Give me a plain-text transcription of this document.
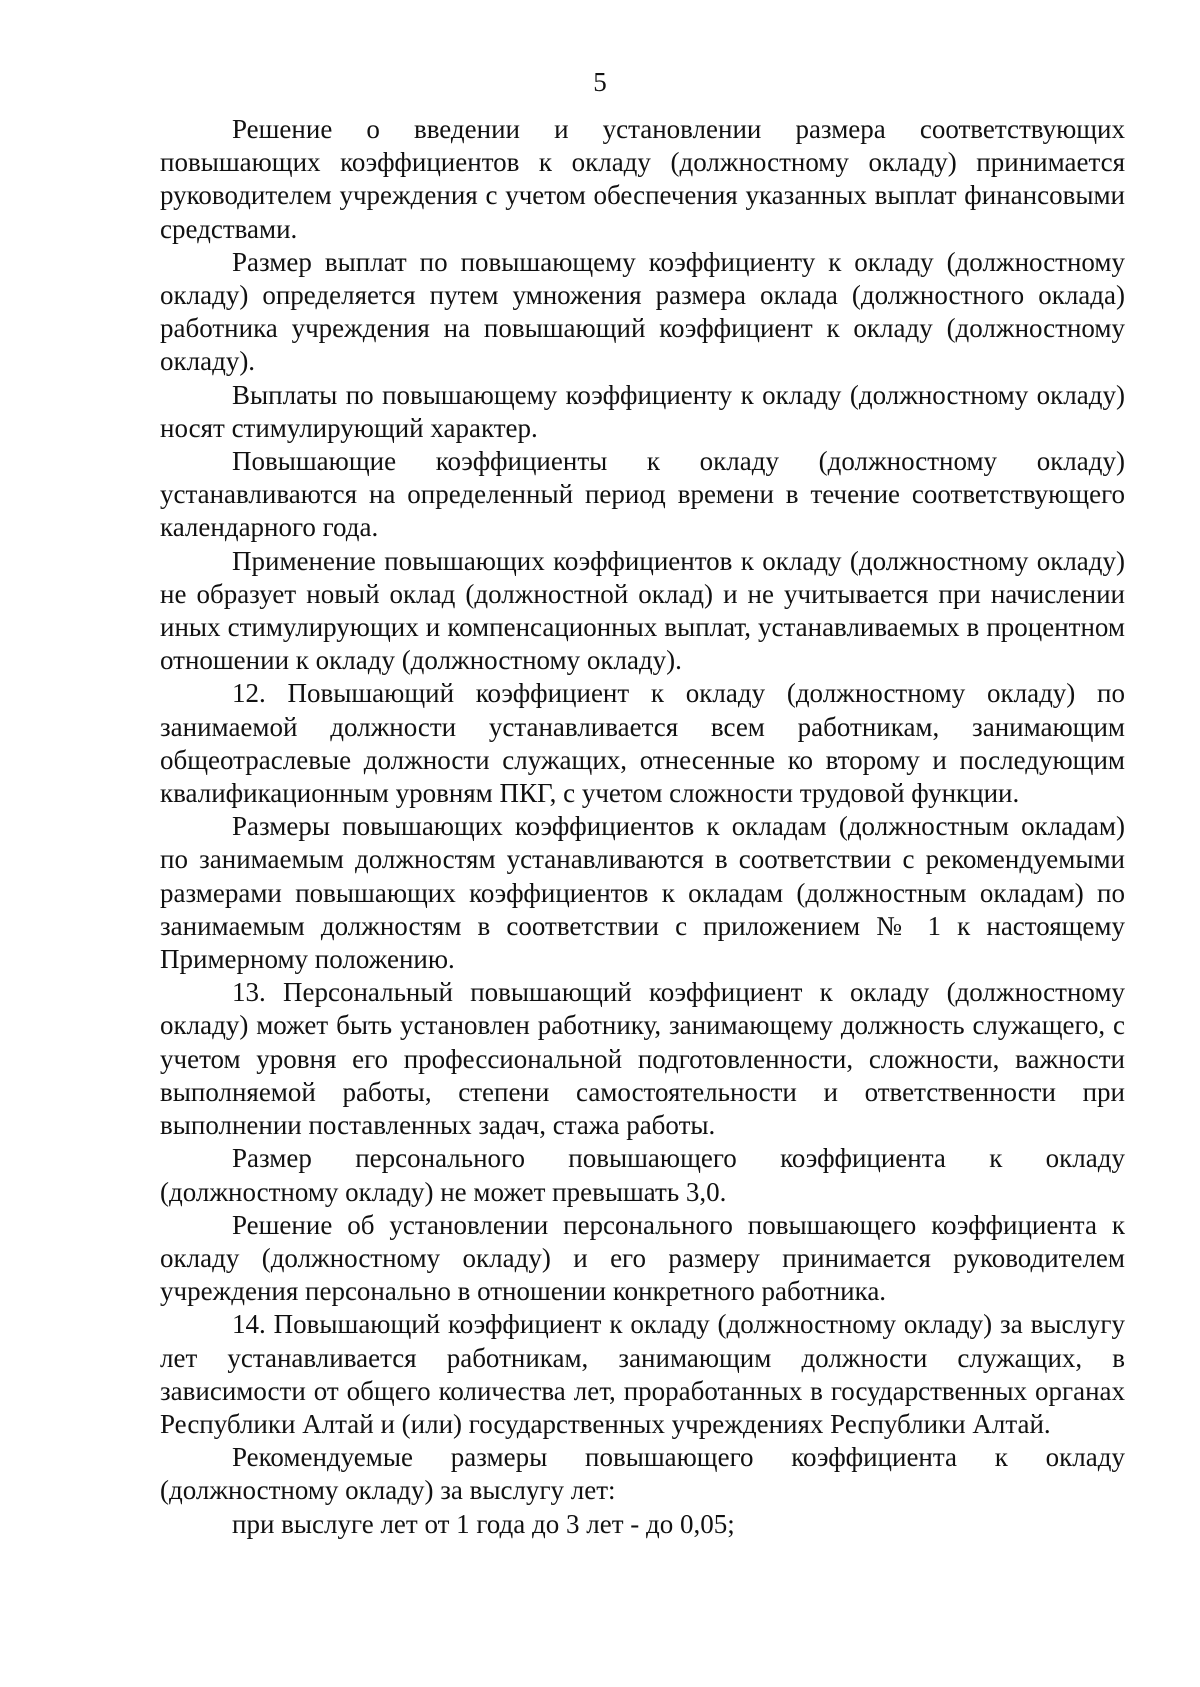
5

Решение о введении и установлении размера соответствующих повышающих коэффициентов к окладу (должностному окладу) принимается руководителем учреждения с учетом обеспечения указанных выплат финансовыми средствами.

Размер выплат по повышающему коэффициенту к окладу (должностному окладу) определяется путем умножения размера оклада (должностного оклада) работника учреждения на повышающий коэффициент к окладу (должностному окладу).

Выплаты по повышающему коэффициенту к окладу (должностному окладу) носят стимулирующий характер.

Повышающие коэффициенты к окладу (должностному окладу) устанавливаются на определенный период времени в течение соответствующего календарного года.

Применение повышающих коэффициентов к окладу (должностному окладу) не образует новый оклад (должностной оклад) и не учитывается при начислении иных стимулирующих и компенсационных выплат, устанавливаемых в процентном отношении к окладу (должностному окладу).

12. Повышающий коэффициент к окладу (должностному окладу) по занимаемой должности устанавливается всем работникам, занимающим общеотраслевые должности служащих, отнесенные ко второму и последующим квалификационным уровням ПКГ, с учетом сложности трудовой функции.

Размеры повышающих коэффициентов к окладам (должностным окладам) по занимаемым должностям устанавливаются в соответствии с рекомендуемыми размерами повышающих коэффициентов к окладам (должностным окладам) по занимаемым должностям в соответствии с приложением № 1 к настоящему Примерному положению.

13. Персональный повышающий коэффициент к окладу (должностному окладу) может быть установлен работнику, занимающему должность служащего, с учетом уровня его профессиональной подготовленности, сложности, важности выполняемой работы, степени самостоятельности и ответственности при выполнении поставленных задач, стажа работы.

Размер персонального повышающего коэффициента к окладу (должностному окладу) не может превышать 3,0.

Решение об установлении персонального повышающего коэффициента к окладу (должностному окладу) и его размеру принимается руководителем учреждения персонально в отношении конкретного работника.

14. Повышающий коэффициент к окладу (должностному окладу) за выслугу лет устанавливается работникам, занимающим должности служащих, в зависимости от общего количества лет, проработанных в государственных органах Республики Алтай и (или) государственных учреждениях Республики Алтай.

Рекомендуемые размеры повышающего коэффициента к окладу (должностному окладу) за выслугу лет:

при выслуге лет от 1 года до 3 лет - до 0,05;
